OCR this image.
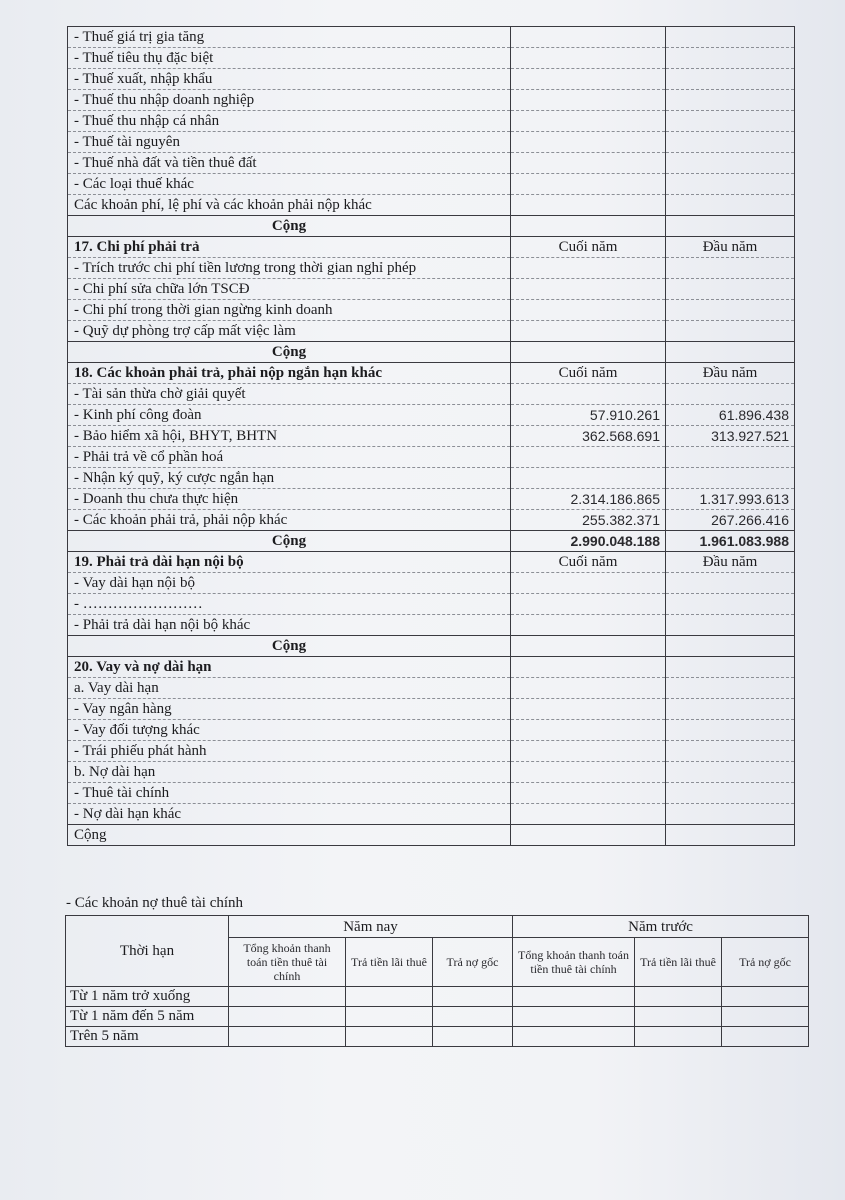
- Thuế giá trị gia tăng		
- Thuế tiêu thụ đặc biệt		
- Thuế xuất, nhập khẩu		
- Thuế thu nhập doanh nghiệp		
- Thuế thu nhập cá nhân		
- Thuế tài nguyên		
- Thuế nhà đất và tiền thuê đất		
- Các loại thuế khác		
Các khoản phí, lệ phí và các khoản phải nộp khác		
Cộng		
17. Chi phí phải trả	Cuối năm	Đầu năm
- Trích trước chi phí tiền lương trong thời gian nghỉ phép		
- Chi phí sửa chữa lớn TSCĐ		
- Chi phí trong thời gian ngừng kinh doanh		
- Quỹ dự phòng trợ cấp mất việc làm		
Cộng		
18. Các khoản phải trả, phải nộp ngắn hạn khác	Cuối năm	Đầu năm
- Tài sản thừa chờ giải quyết		
- Kinh phí công đoàn	57.910.261	61.896.438
- Bảo hiểm xã hội, BHYT, BHTN	362.568.691	313.927.521
- Phải trả về cổ phần hoá		
- Nhận ký quỹ, ký cược ngắn hạn		
- Doanh thu chưa thực hiện	2.314.186.865	1.317.993.613
- Các khoản phải trả, phải nộp khác	255.382.371	267.266.416
Cộng	2.990.048.188	1.961.083.988
19. Phải trả dài hạn nội bộ	Cuối năm	Đầu năm
- Vay dài hạn nội bộ		
- ……………………		
- Phải trả dài hạn nội bộ khác		
Cộng		
20. Vay và nợ dài hạn		
a. Vay dài hạn		
- Vay ngân hàng		
- Vay đối tượng khác		
- Trái phiếu phát hành		
b. Nợ dài hạn		
- Thuê tài chính		
- Nợ dài hạn khác		
Cộng		
- Các khoản nợ thuê tài chính
Thời hạn	Năm nay			Năm trước		
	Tổng khoản thanh toán tiền thuê tài chính	Trả tiền lãi thuê	Trả nợ gốc	Tổng khoản thanh toán tiền thuê tài chính	Trả tiền lãi thuê	Trả nợ gốc
Từ 1 năm trở xuống						
Từ 1 năm đến 5 năm						
Trên 5 năm						
